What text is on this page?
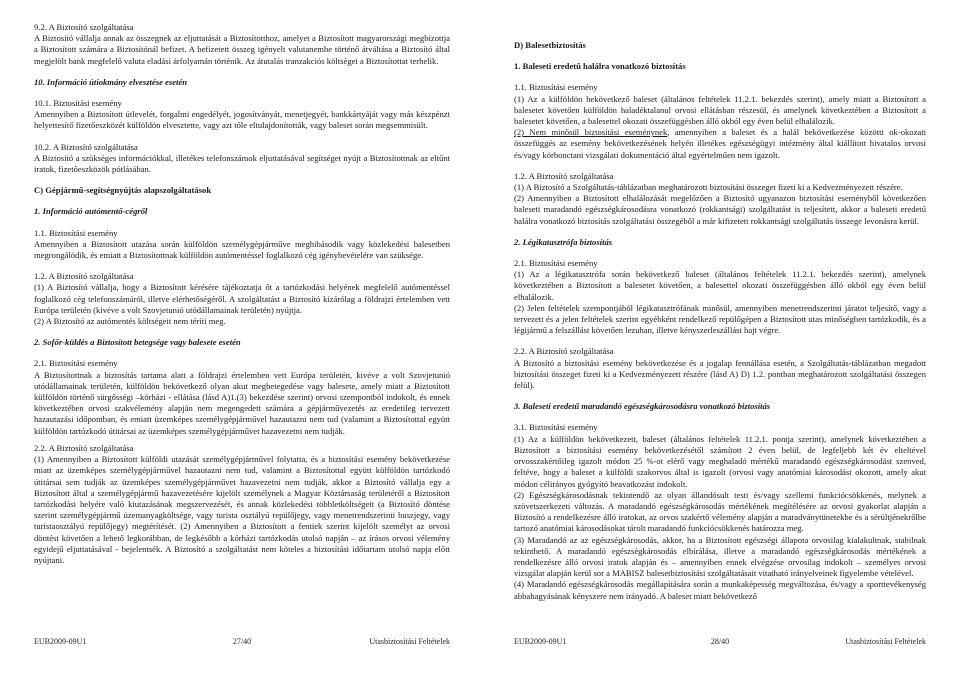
9.2. A Biztosító szolgáltatása

A Biztosító vállalja annak az összegnek az eljuttatását a Biztosítotthoz, amelyet a Biztosított magyarországi megbízottja a Biztosított számára a Biztosítónál befizet. A befizetett összeg igényelt valutanembe történő átváltása a Biztosító által megjelölt bank megfelelő valuta eladási árfolyamán történik. Az átutalás tranzakciós költségei a Biztosítottat terhelik.

10. Információ útiokmány elvesztése esetén

10.1. Biztosítási esemény

Amennyiben a Biztosított útlevelét, forgalmi engedélyét, jogosítványát, menetjegyét, bankkártyáját vagy más készpénzt helyettesítő fizetőeszközét külföldön elvesztette, vagy azt tőle eltulajdonították, vagy baleset során megsemmisült.

10.2. A Biztosító szolgáltatása

A Biztosító a szükséges információkkal, illetékes telefonszámok eljuttatásával segítséget nyújt a Biztosítottnak az eltűnt iratok, fizetőeszközök pótlásában.

C) Gépjármű-segítségnyújtás alapszolgáltatások

1. Információ autómentő-cégről

1.1. Biztosítási esemény

Amennyiben a Biztosított utazása során külföldön személygépjárműve meghibásodik vagy közlekedési balesetben megrongálódik, és emiatt a Biztosítottnak külföldön autómentéssel foglalkozó cég igénybevételére van szüksége.

1.2. A Biztosító szolgáltatása

(1) A Biztosító vállalja, hogy a Biztosított kérésére tájékoztatja őt a tartózkodási helyének megfelelő autómentéssel foglalkozó cég telefonszámáról, illetve elérhetőségéről. A szolgáltatást a Biztosító kizárólag a földrajzi értelemben vett Európa területén (kivéve a volt Szovjetunió utódállamainak területén) nyújtja.

(2) A Biztosító az autómentés költségeit nem téríti meg.

2. Sofőr-küldés a Biztosított betegsége vagy balesete esetén

2.1. Biztosítási esemény

A Biztosítottnak a biztosítás tartama alatt a földrajzi értelemben vett Európa területén, kivéve a volt Szovjetunió utódállamainak területén, külföldön bekövetkező olyan akut megbetegedése vagy balesete, amely miatt a Biztosított külföldön történő sürgősségi –kórházi - ellátása (lásd A)1.(3) bekezdése szerint) orvosi szempontból indokolt, és ennek következtében orvosi szakvélemény alapján nem megengedett számára a gépjárművezetés az eredetileg tervezett hazautazási időpontban, és emiatt üzemképes személygépjárművel hazautazni nem tud (valamint a Biztosítottal együtt külföldön tartózkodó útitársai az üzemképes személygépjárművet hazavezetni nem tudják.

2.2. A Biztosító szolgáltatása

(1) Amennyiben a Biztosított külföldi utazását személygépjárművel folytatta, és a biztosítási esemény bekövetkezése miatt az üzemképes személygépjárművel hazautazni nem tud, valamint a Biztosítottal együtt külföldön tartózkodó útitársai sem tudják az üzemképes személygépjárművet hazavezetni nem tudják, akkor a Biztosító vállalja egy a Biztosított által a személygépjármű hazavezetésére kijelölt személynek a Magyar Köztársaság területéről a Biztosított tartózkodási helyére való kiutazásának megszervezését, és annak közlekedési többletköltségeit (a Biztosító döntése szerint személygépjármű üzemanyagköltsége, vagy turista osztályú repülőjegy, vagy menetrendszerinti buszjegy, vagy turistaosztályú repülőjegy) megtérítését. (2) Amennyiben a Biztosított a fentiek szerint kijelölt személyt az orvosi döntést követően a lehető legkorábban, de legkésőbb a kórházi tartózkodás utolsó napján – az írásos orvosi vélemény egyidejű eljuttatásával - bejelentsék. A Biztosító a szolgáltatást nem köteles a biztosítási időtartam utolsó napja előtt nyújtani.

EUB2009-09U1	27/40	Utasbiztosítási Feltételek

D) Balesetbiztosítás

1. Baleseti eredetű halálra vonatkozó biztosítás

1.1. Biztosítási esemény

(1) Az a külföldön bekövetkező baleset (általános feltételek 11.2.1. bekezdés szerint), amely miatt a Biztosított a balesetet követően külföldön haladéktalanul orvosi ellátásban részesül, és amelynek következtében a Biztosított a balesetet követően, a balesettel okozati összefüggésben álló okból egy éven belül elhalálozik.

(2) Nem minősül biztosítási eseménynek, amennyiben a baleset és a halál bekövetkezése közötti ok-okozati összefüggés az esemény bekövetkezésének helyén illetékes egészségügyi intézmény által kiállított hivatalos orvosi és/vagy körbonctani vizsgálati dokumentáció által egyértelműen nem igazolt.

1.2. A Biztosító szolgáltatása

(1) A Biztosító a Szolgáltatás-táblázatban meghatározott biztosítási összeget fizeti ki a Kedvezményezett részére.

(2) Amennyiben a Biztosított elhalálozását megelőzően a Biztosító ugyanazon biztosítási eseményből következően baleseti maradandó egészségkárosodásra vonatkozó (rokkantsági) szolgáltatást is teljesített, akkor a baleseti eredetű halálra vonatkozó biztosítás szolgáltatási összegéből a már kifizetett rokkantsági szolgáltatás összege levonásra kerül.

2. Légikatasztrófa biztosítás

2.1. Biztosítási esemény

(1) Az a légikatasztrófa során bekövetkező baleset (általános feltételek 11.2.1. bekezdés szerint), amelynek következtében a Biztosított a balesetet követően, a balesettel okozati összefüggésben álló okból egy éven belül elhalálozik.

(2) Jelen feltételek szempontjából légikatasztrófának minősül, amennyiben menetrendszerinti járatot teljesítő, vagy a tervezett és a jelen feltételek szerint egyébként rendelkező repülőgépen a Biztosított utas minőségben tartózkodik, és a légijármű a felszállást követően lezuhan, illetve kényszerleszállást hajt végre.

2.2. A Biztosító szolgáltatása

A Biztosító a biztosítási esemény bekövetkezése és a jogalap fennállása esetén, a Szolgáltatás-táblázatban megadott biztosítási összeget fizeti ki a Kedvezményezett részére (lásd A) D) 1.2. pontban meghatározott szolgáltatási összegen felül).

3. Baleseti eredetű maradandó egészségkárosodásra vonatkozó biztosítás

3.1. Biztosítási esemény

(1) Az a külföldön bekövetkezett, baleset (általános feltételek 11.2.1. pontja szerint), amelynek következtében a Biztosított a biztosítási esemény bekövetkezésétől számított 2 éven belül, de legfeljebb két év elteltével orvosszakértőileg igazolt módon 25 %-ot elérő vagy meghaladó mértékű maradandó egészségkárosodást szenved, feltéve, hogy a baleset a külföldi szakorvos által is igazolt (orvosi vagy anatómiai károsodást okozott, amely akut módon célirányos gyógyító beavatkozást indokolt.

(2) Egészségkárosodásnak tekintendő az olyan állandósult testi és/vagy szellemi funkciócsökkenés, melynek a szövetszerkezeti változás. A maradandó egészségkárosodás mértékének megítélésére az orvosi gyakorlat alapján a Biztosító a rendelkezésre álló iratokat, az orvos szakértő vélemény alapján a maradványtünetekbe és a sérültjénekrőlbe tartozó anatómiai károsodásokat tárolt maradandó funkciócsökkenés határozza meg.

(3) Maradandó az az egészségkárosodás, akkor, ha a Biztosított egészségi állapota orvosilag kialakultnak, stabilnak tekinthető. A maradandó egészségkárosodás elbírálása, illetve a maradandó egészségkárosodás mértékének a rendelkezésre álló orvosi iratok alapján és – amennyiben ennek elvégzése orvosilag indokolt – személyes orvosi vizsgálat alapján kerül sor a MABISZ balesetbiztosítási szolgáltatásait vitatható irányelveinek figyelembe vételével.

(4) Maradandó egészségkárosodás megállapítására során a munkaképesség megváltozása, és/vagy a sporttevékenység abbahagyásának kényszere nem irányadó. A baleset miatt bekövetkező

EUB2009-09U1	28/40	Utasbiztosítási Feltételek
